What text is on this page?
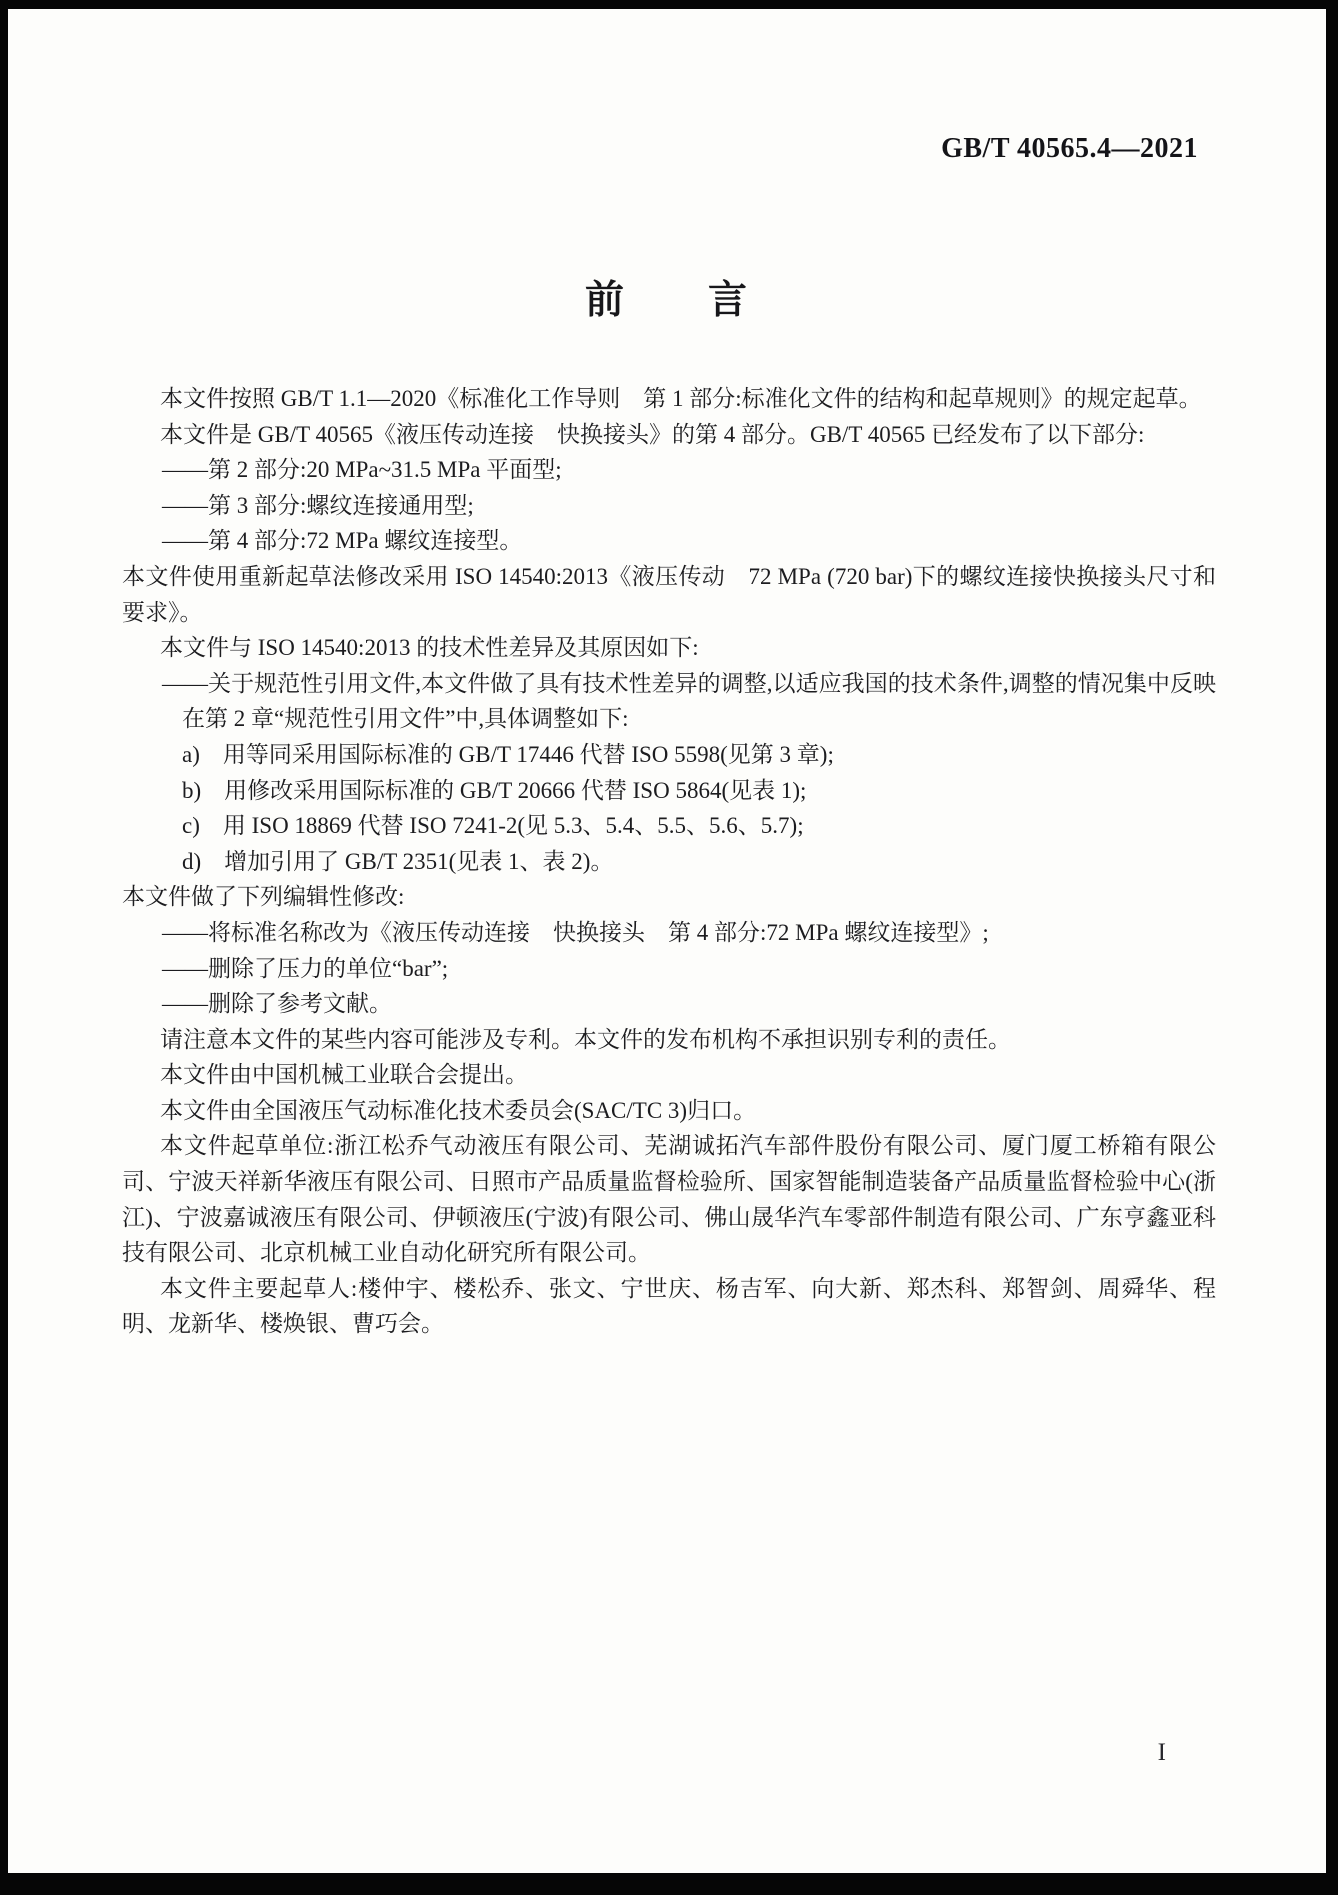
GB/T 40565.4—2021
前　　言

本文件按照 GB/T 1.1—2020《标准化工作导则　第 1 部分:标准化文件的结构和起草规则》的规定起草。

本文件是 GB/T 40565《液压传动连接　快换接头》的第 4 部分。GB/T 40565 已经发布了以下部分:

——第 2 部分:20 MPa~31.5 MPa 平面型;

——第 3 部分:螺纹连接通用型;

——第 4 部分:72 MPa 螺纹连接型。

本文件使用重新起草法修改采用 ISO 14540:2013《液压传动　72 MPa (720 bar)下的螺纹连接快换接头尺寸和要求》。

本文件与 ISO 14540:2013 的技术性差异及其原因如下:

——关于规范性引用文件,本文件做了具有技术性差异的调整,以适应我国的技术条件,调整的情况集中反映在第 2 章“规范性引用文件”中,具体调整如下:

a)　用等同采用国际标准的 GB/T 17446 代替 ISO 5598(见第 3 章);

b)　用修改采用国际标准的 GB/T 20666 代替 ISO 5864(见表 1);

c)　用 ISO 18869 代替 ISO 7241-2(见 5.3、5.4、5.5、5.6、5.7);

d)　增加引用了 GB/T 2351(见表 1、表 2)。

本文件做了下列编辑性修改:

——将标准名称改为《液压传动连接　快换接头　第 4 部分:72 MPa 螺纹连接型》;

——删除了压力的单位“bar”;

——删除了参考文献。

请注意本文件的某些内容可能涉及专利。本文件的发布机构不承担识别专利的责任。

本文件由中国机械工业联合会提出。

本文件由全国液压气动标准化技术委员会(SAC/TC 3)归口。

本文件起草单位:浙江松乔气动液压有限公司、芜湖诚拓汽车部件股份有限公司、厦门厦工桥箱有限公司、宁波天祥新华液压有限公司、日照市产品质量监督检验所、国家智能制造装备产品质量监督检验中心(浙江)、宁波嘉诚液压有限公司、伊顿液压(宁波)有限公司、佛山晟华汽车零部件制造有限公司、广东亨鑫亚科技有限公司、北京机械工业自动化研究所有限公司。

本文件主要起草人:楼仲宇、楼松乔、张文、宁世庆、杨吉军、向大新、郑杰科、郑智剑、周舜华、程明、龙新华、楼焕银、曹巧会。

I
